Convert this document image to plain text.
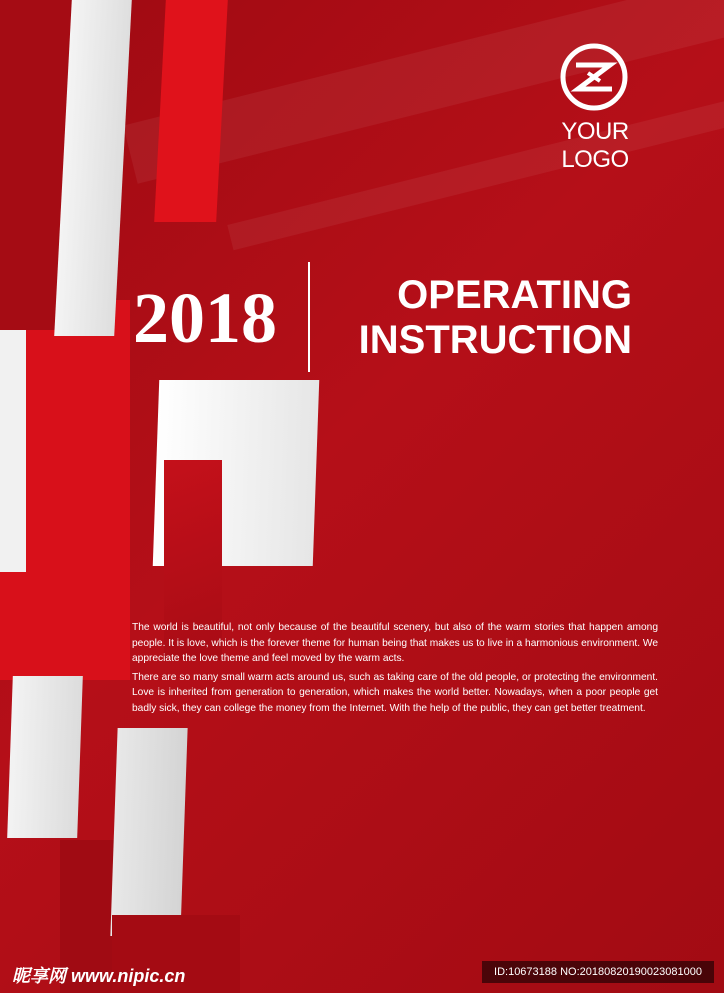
YOUR LOGO
2018	OPERATING
INSTRUCTION

The world is beautiful, not only because of the beautiful scenery, but also of the warm stories that happen among people. It is love, which is the forever theme for human being that makes us to live in a harmonious environment. We appreciate the love theme and feel moved by the warm acts.

There are so many small warm acts around us, such as taking care of the old people, or protecting the environment. Love is inherited from generation to generation, which makes the world better. Nowadays, when a poor people get badly sick, they can college the money from the Internet. With the help of the public, they can get better treatment.

昵享网 www.nipic.cn	ID:10673188 NO:20180820190023081000
